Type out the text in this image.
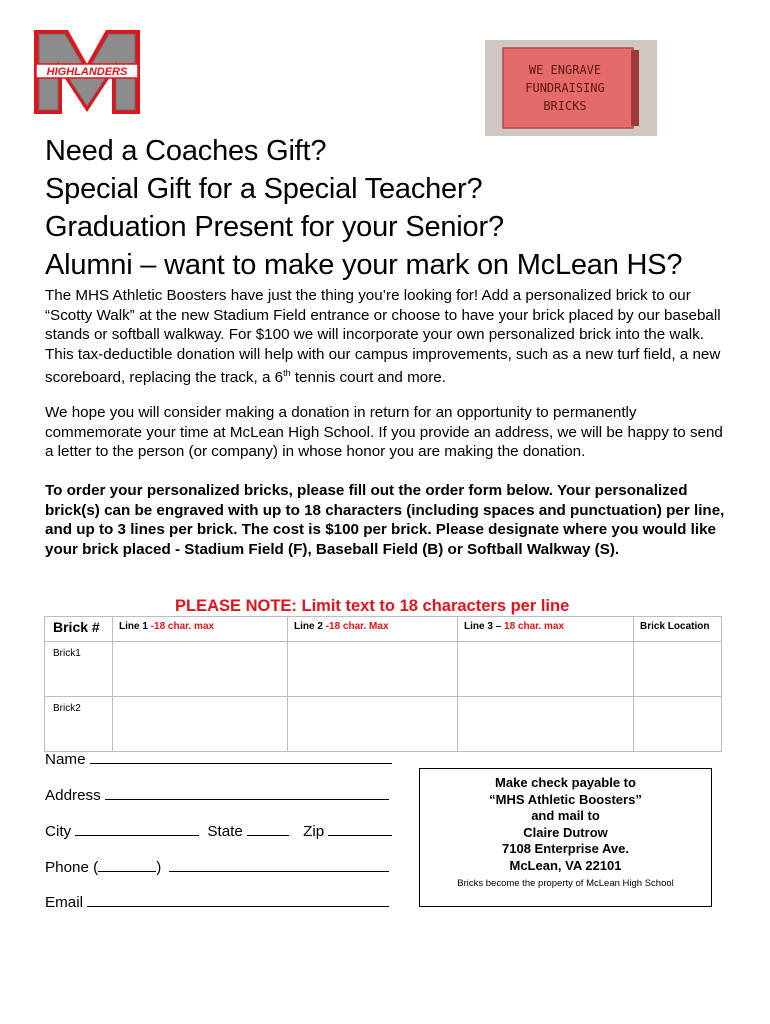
HIGHLANDERS	WE ENGRAVE
FUNDRAISING
BRICKS
Need a Coaches Gift?
Special Gift for a Special Teacher?
Graduation Present for your Senior?
Alumni – want to make your mark on McLean HS?

The MHS Athletic Boosters have just the thing you’re looking for! Add a personalized brick to our “Scotty Walk” at the new Stadium Field entrance or choose to have your brick placed by our baseball stands or softball walkway. For $100 we will incorporate your own personalized brick into the walk. This tax-deductible donation will help with our campus improvements, such as a new turf field, a new scoreboard, replacing the track, a 6th tennis court and more.

We hope you will consider making a donation in return for an opportunity to permanently commemorate your time at McLean High School. If you provide an address, we will be happy to send a letter to the person (or company) in whose honor you are making the donation.

To order your personalized bricks, please fill out the order form below. Your personalized brick(s) can be engraved with up to 18 characters (including spaces and punctuation) per line, and up to 3 lines per brick. The cost is $100 per brick. Please designate where you would like your brick placed - Stadium Field (F), Baseball Field (B) or Softball Walkway (S).

PLEASE NOTE: Limit text to 18 characters per line
Brick #	Line 1 -18 char. max	Line 2 -18 char. Max	Line 3 – 18 char. max	Brick Location
Brick1				
Brick2				
Name
Address
City	State	Zip
Phone (	)
Email
Make check payable to
“MHS Athletic Boosters”
and mail to
Claire Dutrow
7108 Enterprise Ave.
McLean, VA 22101
Bricks become the property of McLean High School
